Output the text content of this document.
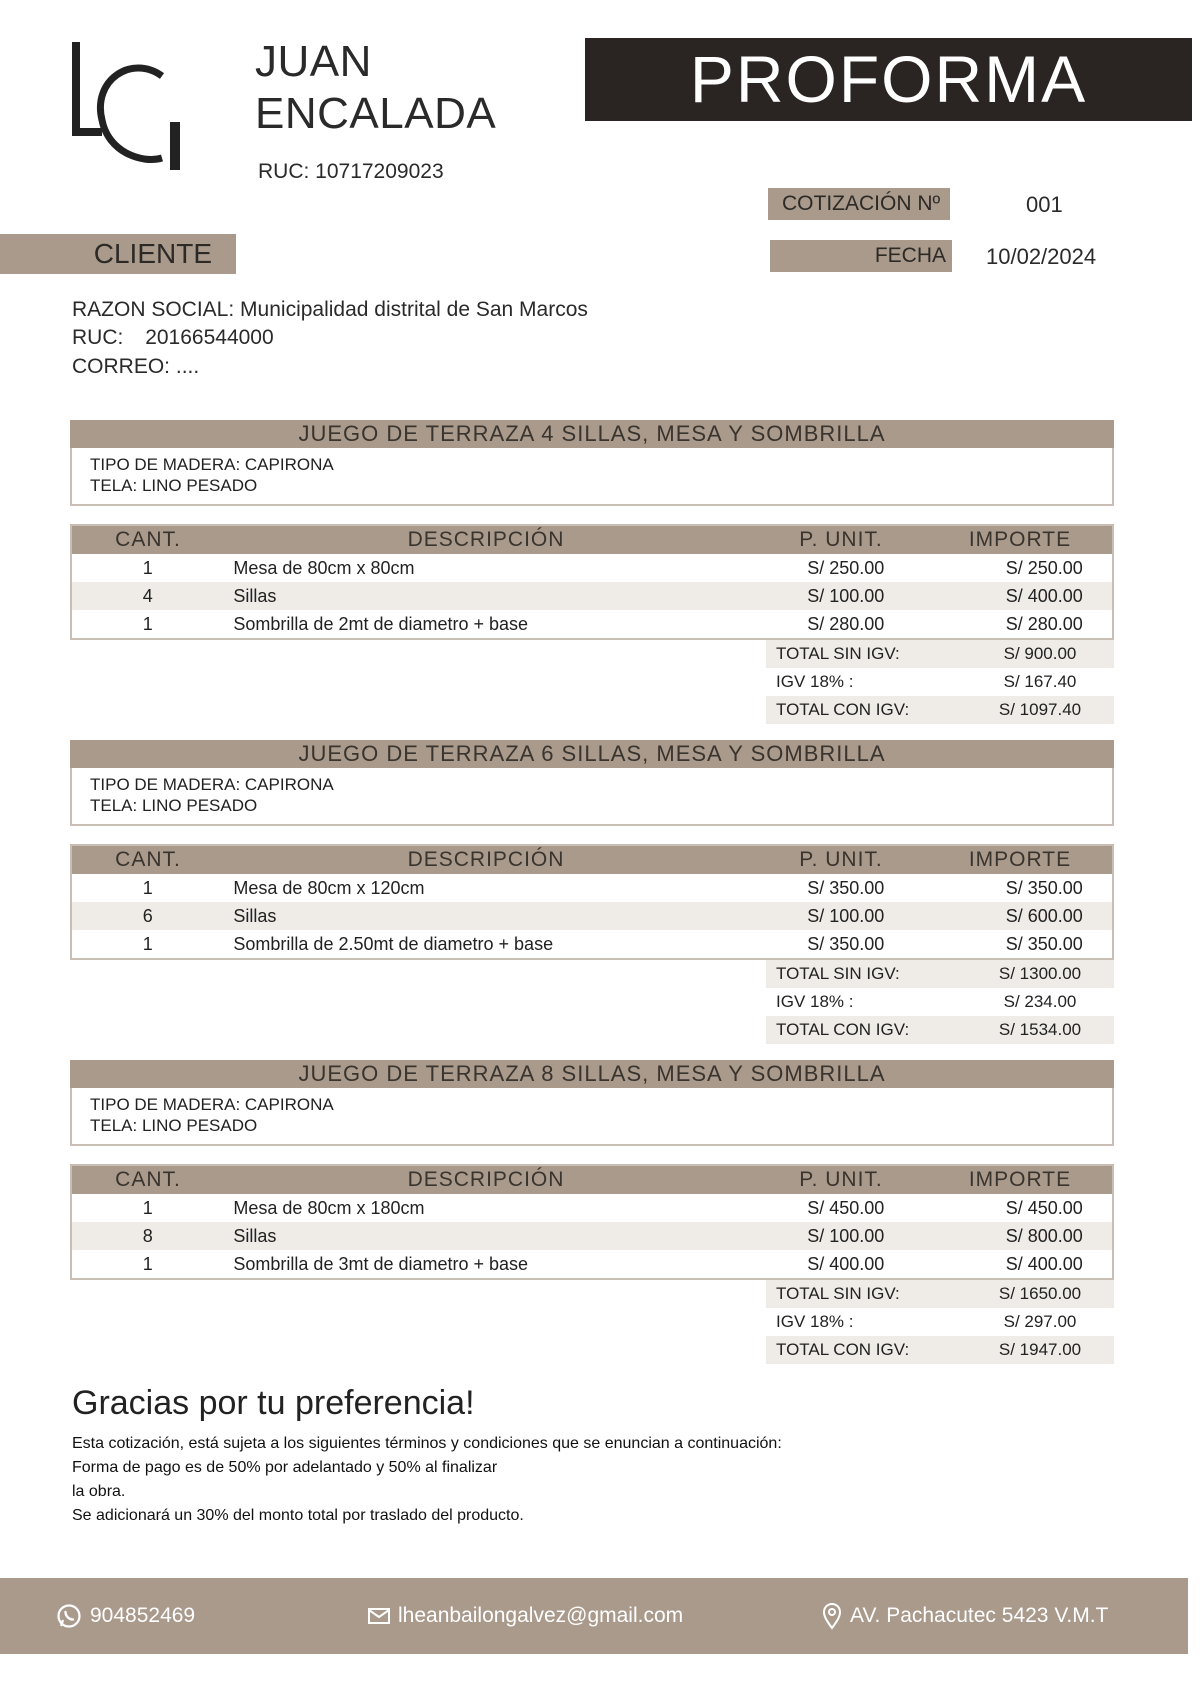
JUAN
ENCALADA
RUC: 10717209023
PROFORMA
COTIZACIÓN Nº	001
FECHA 10/02/2024
CLIENTE
RAZON SOCIAL: Municipalidad distrital de San Marcos
RUC: 20166544000
CORREO: ....
JUEGO DE TERRAZA 4 SILLAS, MESA Y SOMBRILLA
TIPO DE MADERA: CAPIRONA
TELA: LINO PESADO
CANT.	DESCRIPCIÓN	P. UNIT.	IMPORTE
1	Mesa de 80cm x 80cm	S/ 250.00	S/ 250.00
4	Sillas	S/ 100.00	S/ 400.00
1	Sombrilla de 2mt de diametro + base	S/ 280.00	S/ 280.00
TOTAL SIN IGV:	S/ 900.00
IGV 18% :	S/ 167.40
TOTAL CON IGV:	S/ 1097.40
JUEGO DE TERRAZA 6 SILLAS, MESA Y SOMBRILLA
TIPO DE MADERA: CAPIRONA
TELA: LINO PESADO
CANT.	DESCRIPCIÓN	P. UNIT.	IMPORTE
1	Mesa de 80cm x 120cm	S/ 350.00	S/ 350.00
6	Sillas	S/ 100.00	S/ 600.00
1	Sombrilla de 2.50mt de diametro + base	S/ 350.00	S/ 350.00
TOTAL SIN IGV:	S/ 1300.00
IGV 18% :	S/ 234.00
TOTAL CON IGV:	S/ 1534.00
JUEGO DE TERRAZA 8 SILLAS, MESA Y SOMBRILLA
TIPO DE MADERA: CAPIRONA
TELA: LINO PESADO
CANT.	DESCRIPCIÓN	P. UNIT.	IMPORTE
1	Mesa de 80cm x 180cm	S/ 450.00	S/ 450.00
8	Sillas	S/ 100.00	S/ 800.00
1	Sombrilla de 3mt de diametro + base	S/ 400.00	S/ 400.00
TOTAL SIN IGV:	S/ 1650.00
IGV 18% :	S/ 297.00
TOTAL CON IGV:	S/ 1947.00
Gracias por tu preferencia!
Esta cotización, está sujeta a los siguientes términos y condiciones que se enuncian a continuación:
Forma de pago es de 50% por adelantado y 50% al finalizar
la obra.
Se adicionará un 30% del monto total por traslado del producto.
904852469	lheanbailongalvez@gmail.com	AV. Pachacutec 5423 V.M.T
